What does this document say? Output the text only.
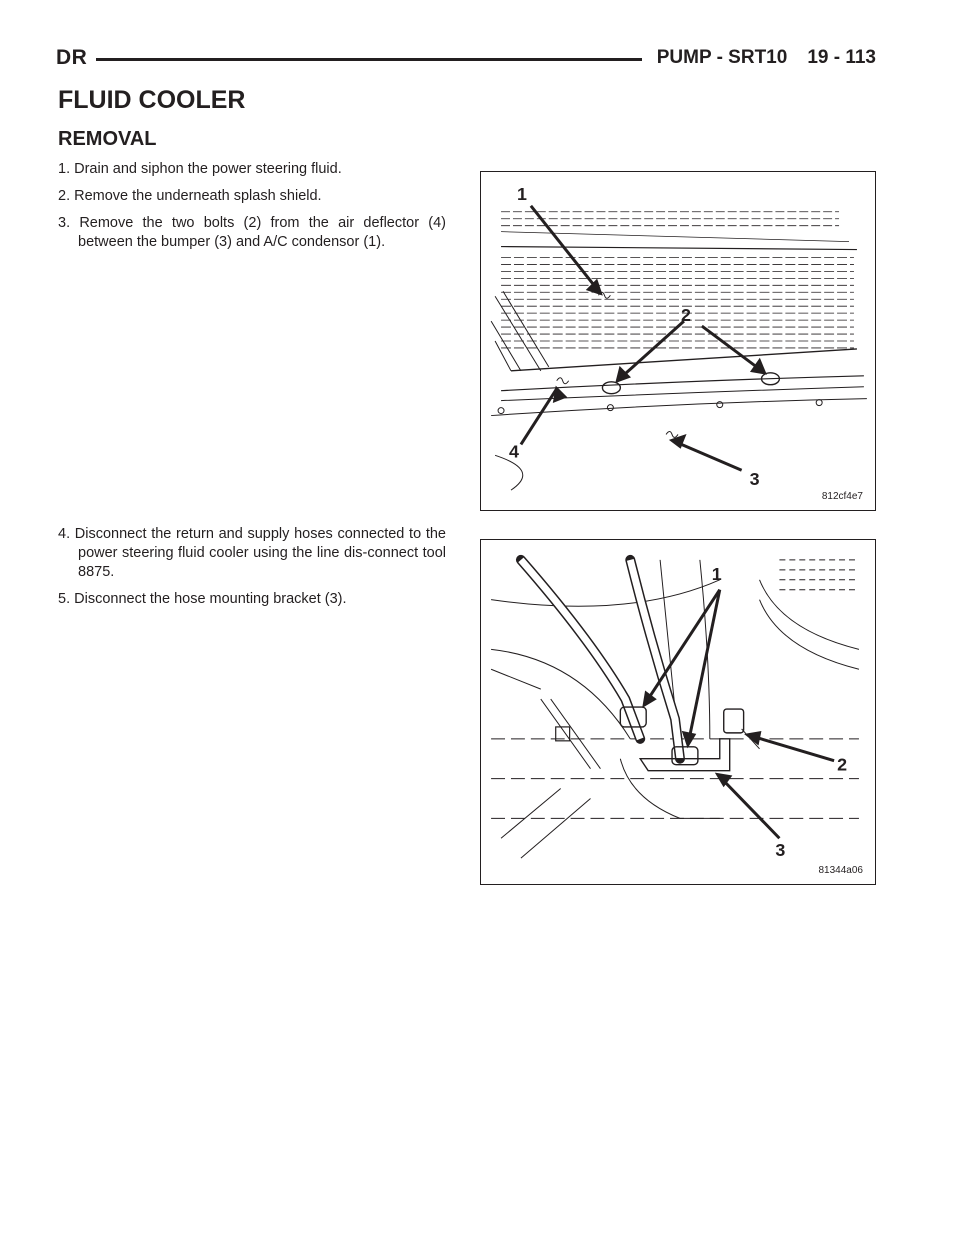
DR	PUMP - SRT10 19 - 113
FLUID COOLER
REMOVAL
1. Drain and siphon the power steering fluid.
2. Remove the underneath splash shield.
3. Remove the two bolts (2) from the air deflector (4) between the bumper (3) and A/C condensor (1).
4. Disconnect the return and supply hoses connected to the power steering fluid cooler using the line dis-connect tool 8875.
5. Disconnect the hose mounting bracket (3).
1
2
3
4
812cf4e7
1
2
3
81344a06
